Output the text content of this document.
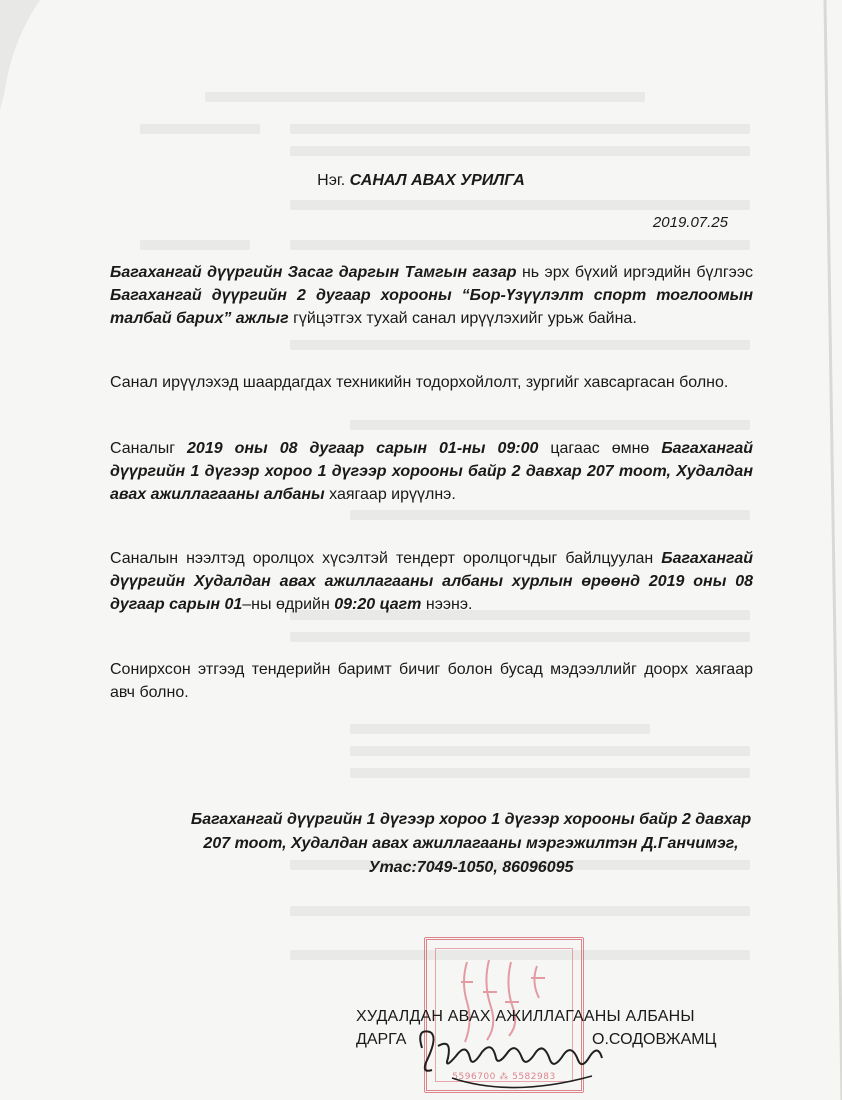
Нэг. САНАЛ АВАХ УРИЛГА
2019.07.25
Багахангай дүүргийн Засаг даргын Тамгын газар нь эрх бүхий иргэдийн бүлгээс Багахангай дүүргийн 2 дугаар хорооны “Бор-Үзүүлэлт спорт тоглоомын талбай барих” ажлыг гүйцэтгэх тухай санал ирүүлэхийг урьж байна.
Санал ирүүлэхэд шаардагдах техникийн тодорхойлолт, зургийг хавсаргасан болно.
Саналыг 2019 оны 08 дугаар сарын 01-ны 09:00 цагаас өмнө Багахангай дүүргийн 1 дүгээр хороо 1 дүгээр хорооны байр 2 давхар 207 тоот, Худалдан авах ажиллагааны албаны хаягаар ирүүлнэ.
Саналын нээлтэд оролцох хүсэлтэй тендерт оролцогчдыг байлцуулан Багахангай дүүргийн Худалдан авах ажиллагааны албаны хурлын өрөөнд 2019 оны 08 дугаар сарын 01–ны өдрийн 09:20 цагт нээнэ.
Сонирхсон этгээд тендерийн баримт бичиг болон бусад мэдээллийг доорх хаягаар авч болно.
Багахангай дүүргийн 1 дүгээр хороо 1 дүгээр хорооны байр 2 давхар
207 тоот, Худалдан авах ажиллагааны мэргэжилтэн Д.Ганчимэг,
Утас:7049-1050, 86096095
5596700 ⁂ 5582983
ХУДАЛДАН АВАХ АЖИЛЛАГААНЫ АЛБАНЫ
ДАРГА	О.СОДОВЖАМЦ
